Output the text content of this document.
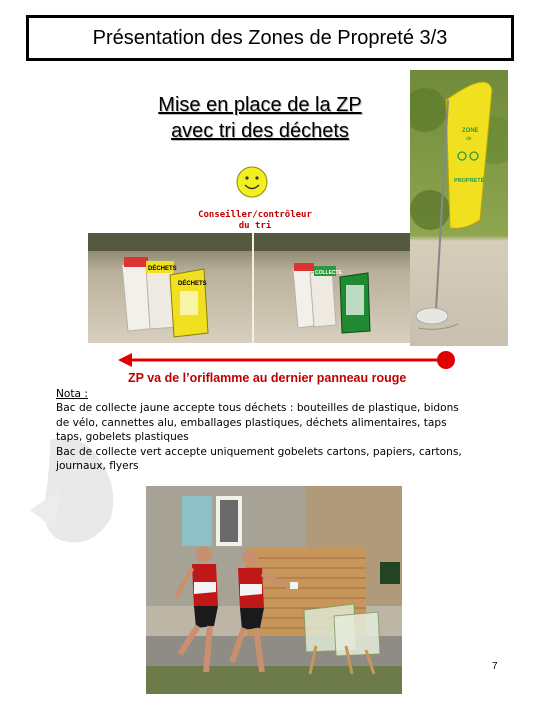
Présentation des Zones de Propreté 3/3
Mise en place de la ZP
avec tri des déchets
Conseiller/contrôleur
du tri
DÉCHETS
DÉCHETS
COLLECTE
ZONE
de
PROPRETÉ
ZP va de l’oriflamme au dernier panneau rouge
Nota :
Bac de collecte jaune accepte tous déchets : bouteilles de plastique, bidons
de vélo, cannettes alu, emballages plastiques, déchets alimentaires, taps
taps, gobelets plastiques
Bac de collecte vert accepte uniquement gobelets cartons, papiers, cartons,
journaux, flyers
7
